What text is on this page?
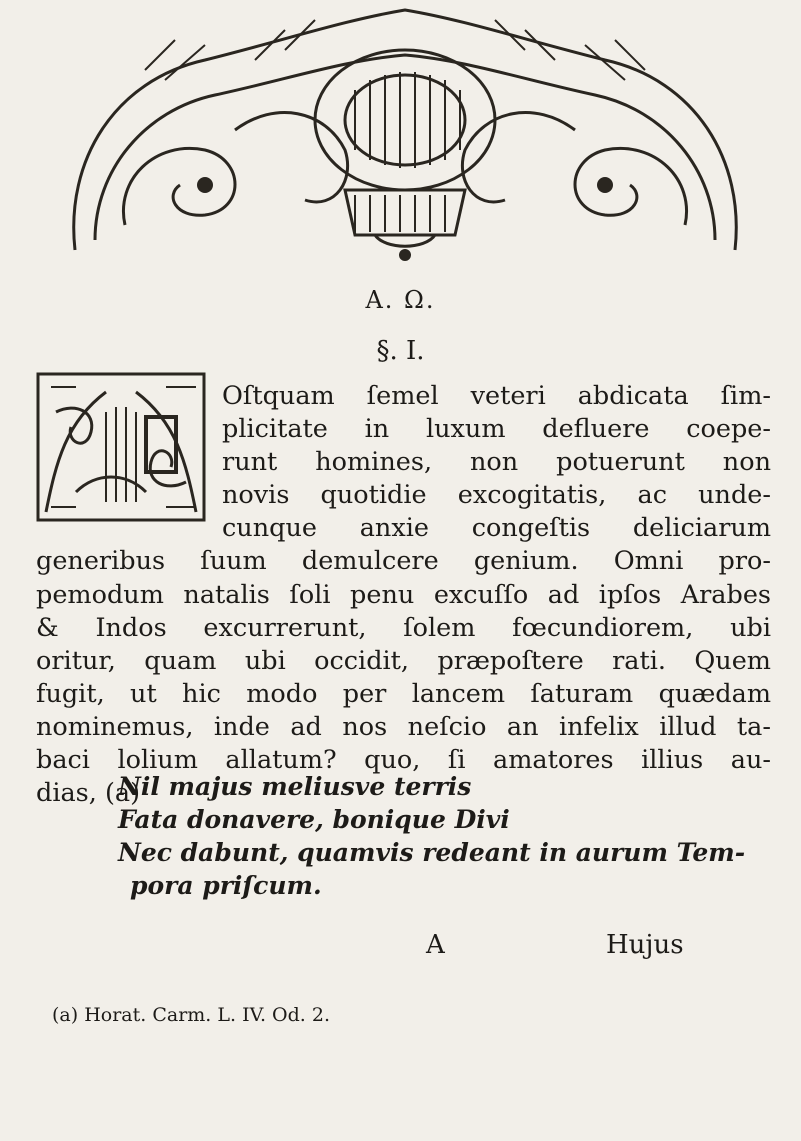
A. Ω.
§. I.
Oſtquam ſemel veteri abdicata ſim-
plicitate in luxum defluere coepe-
runt homines, non potuerunt non
novis quotidie excogitatis, ac unde-
cunque anxie congeſtis deliciarum
generibus ſuum demulcere genium. Omni pro-
pemodum natalis ſoli penu excuſſo ad ipſos Arabes
& Indos excurrerunt, ſolem fœcundiorem, ubi
oritur, quam ubi occidit, præpoſtere rati. Quem
fugit, ut hic modo per lancem ſaturam quædam
nominemus, inde ad nos neſcio an infelix illud ta-
baci lolium allatum? quo, ſi amatores illius au-
dias, (a)
Nil majus meliusve terris
Fata donavere, bonique Divi
Nec dabunt, quamvis redeant in aurum Tem-
pora priſcum.
A	Hujus
(a) Horat. Carm. L. IV. Od. 2.
